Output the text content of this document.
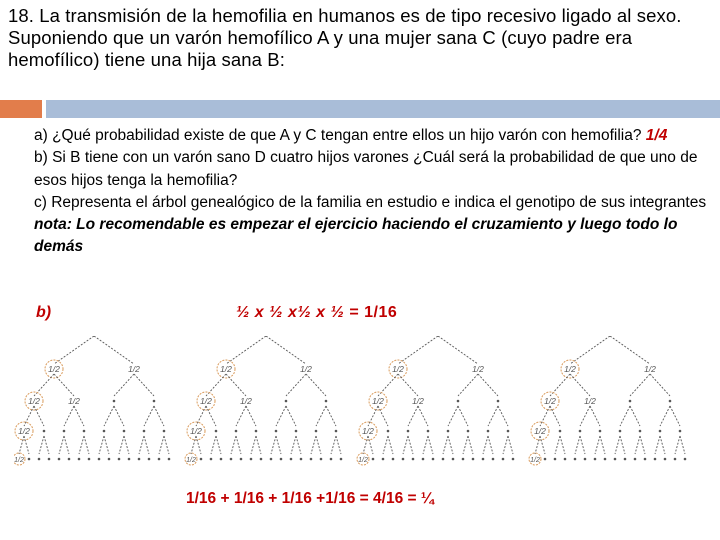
18. La transmisión de la hemofilia en humanos es de tipo recesivo ligado al sexo. Suponiendo que un varón hemofílico A y una mujer sana C (cuyo padre era hemofílico) tiene una hija sana B:

a) ¿Qué probabilidad existe de que A y C tengan entre ellos un hijo varón con hemofilia? 1/4

b) Si B tiene con un varón sano D cuatro hijos varones ¿Cuál será la probabilidad de que uno de esos hijos tenga la hemofilia?

c) Representa el árbol genealógico de la familia en estudio e indica el genotipo de sus integrantes

nota: Lo recomendable es empezar el ejercicio haciendo el cruzamiento y luego todo lo demás

b)	½ x ½ x½ x ½ = 1/16
1/2	1/2
1/2	1/2
1/2
1/2
1/2	1/2
1/2	1/2
1/2
1/2
1/2	1/2
1/2	1/2
1/2
1/2
1/2	1/2
1/2	1/2
1/2
1/2
1/16 + 1/16 + 1/16 +1/16 = 4/16 = ¼
